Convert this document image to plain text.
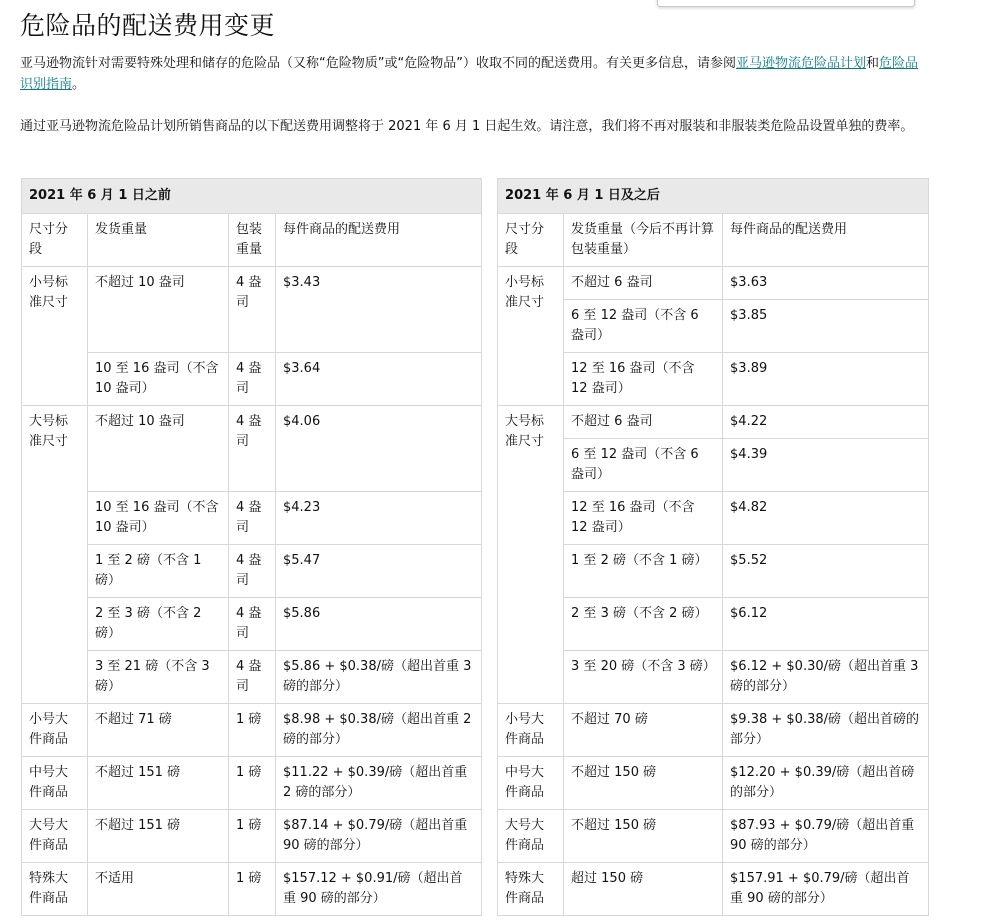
危险品的配送费用变更

亚马逊物流针对需要特殊处理和储存的危险品（又称“危险物质”或“危险物品”）收取不同的配送费用。有关更多信息，请参阅亚马逊物流危险品计划和危险品识别指南。

通过亚马逊物流危险品计划所销售商品的以下配送费用调整将于 2021 年 6 月 1 日起生效。请注意，我们将不再对服装和非服装类危险品设置单独的费率。

2021 年 6 月 1 日之前					2021 年 6 月 1 日及之后		
尺寸分段	发货重量	包装重量	每件商品的配送费用		尺寸分段	发货重量（今后不再计算包装重量）	每件商品的配送费用
小号标准尺寸	不超过 10 盎司	4 盎司	$3.43		小号标准尺寸	不超过 6 盎司	$3.63
						6 至 12 盎司（不含 6 盎司）	$3.85
	10 至 16 盎司（不含 10 盎司）	4 盎司	$3.64			12 至 16 盎司（不含 12 盎司）	$3.89
大号标准尺寸	不超过 10 盎司	4 盎司	$4.06		大号标准尺寸	不超过 6 盎司	$4.22
						6 至 12 盎司（不含 6 盎司）	$4.39
	10 至 16 盎司（不含 10 盎司）	4 盎司	$4.23			12 至 16 盎司（不含 12 盎司）	$4.82
	1 至 2 磅（不含 1 磅）	4 盎司	$5.47			1 至 2 磅（不含 1 磅）	$5.52
	2 至 3 磅（不含 2 磅）	4 盎司	$5.86			2 至 3 磅（不含 2 磅）	$6.12
	3 至 21 磅（不含 3 磅）	4 盎司	$5.86 + $0.38/磅（超出首重 3 磅的部分）			3 至 20 磅（不含 3 磅）	$6.12 + $0.30/磅（超出首重 3 磅的部分）
小号大件商品	不超过 71 磅	1 磅	$8.98 + $0.38/磅（超出首重 2 磅的部分）		小号大件商品	不超过 70 磅	$9.38 + $0.38/磅（超出首磅的部分）
中号大件商品	不超过 151 磅	1 磅	$11.22 + $0.39/磅（超出首重 2 磅的部分）		中号大件商品	不超过 150 磅	$12.20 + $0.39/磅（超出首磅的部分）
大号大件商品	不超过 151 磅	1 磅	$87.14 + $0.79/磅（超出首重 90 磅的部分）		大号大件商品	不超过 150 磅	$87.93 + $0.79/磅（超出首重 90 磅的部分）
特殊大件商品	不适用	1 磅	$157.12 + $0.91/磅（超出首重 90 磅的部分）		特殊大件商品	超过 150 磅	$157.91 + $0.79/磅（超出首重 90 磅的部分）
